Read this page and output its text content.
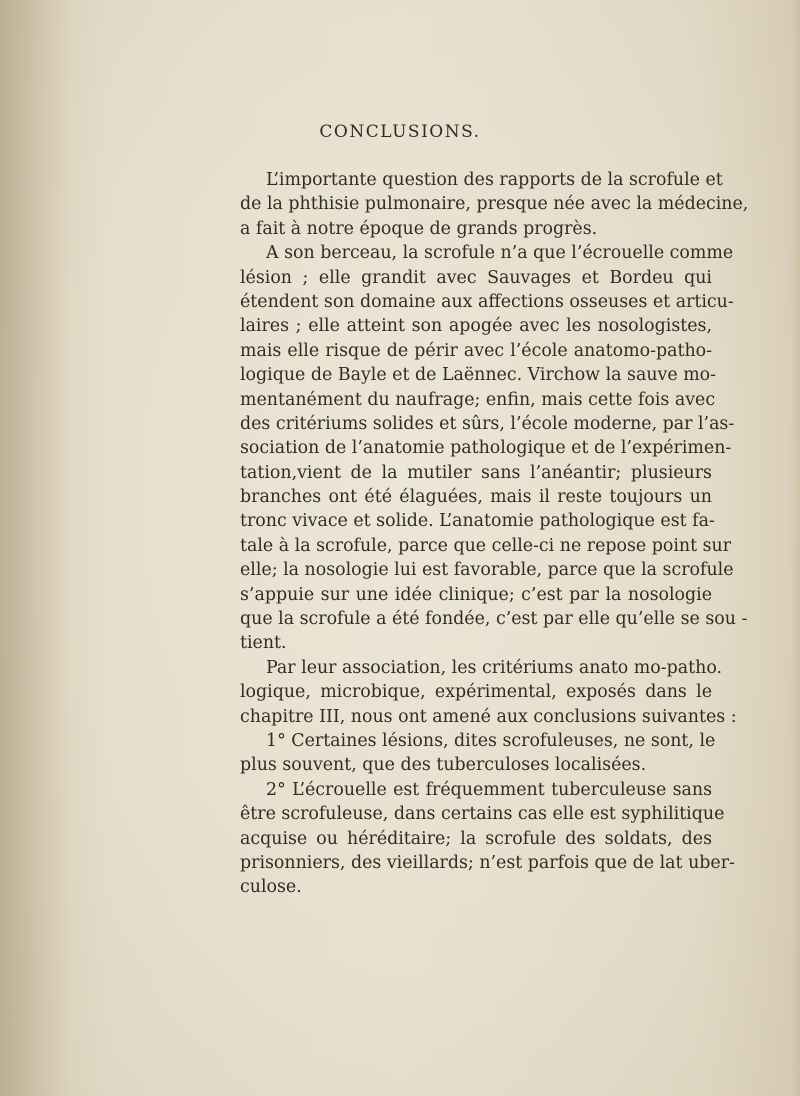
CONCLUSIONS.

L’importante question des rapports de la scrofule et
de la phthisie pulmonaire, presque née avec la médecine,
a fait à notre époque de grands progrès.

A son berceau, la scrofule n’a que l’écrouelle comme
lésion ; elle grandit avec Sauvages et Bordeu qui
étendent son domaine aux affections osseuses et articu-
laires ; elle atteint son apogée avec les nosologistes,
mais elle risque de périr avec l’école anatomo-patho-
logique de Bayle et de Laënnec. Virchow la sauve mo-
mentanément du naufrage; enfin, mais cette fois avec
des critériums solides et sûrs, l’école moderne, par l’as-
sociation de l’anatomie pathologique et de l’expérimen-
tation,vient de la mutiler sans l’anéantir; plusieurs
branches ont été élaguées, mais il reste toujours un
tronc vivace et solide. L’anatomie pathologique est fa-
tale à la scrofule, parce que celle-ci ne repose point sur
elle; la nosologie lui est favorable, parce que la scrofule
s’appuie sur une idée clinique; c’est par la nosologie
que la scrofule a été fondée, c’est par elle qu’elle se sou -
tient.

Par leur association, les critériums anato mo-patho.
logique, microbique, expérimental, exposés dans le
chapitre III, nous ont amené aux conclusions suivantes :

1° Certaines lésions, dites scrofuleuses, ne sont, le
plus souvent, que des tuberculoses localisées.

2° L’écrouelle est fréquemment tuberculeuse sans
être scrofuleuse, dans certains cas elle est syphilitique
acquise ou héréditaire; la scrofule des soldats, des
prisonniers, des vieillards; n’est parfois que de lat uber-
culose.
